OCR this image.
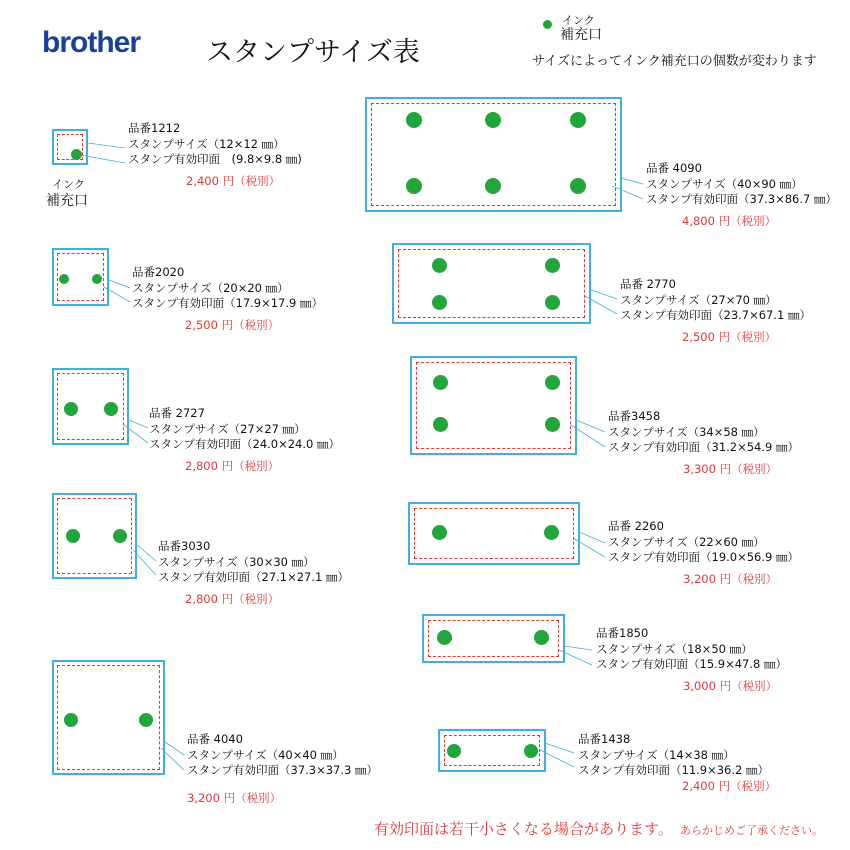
brother スタンプサイズ表
インク
補充口
サイズによってインク補充口の個数が変わります
インク
補充口
品番1212
スタンプサイズ（12×12 ㎜）
スタンプ有効印面　(9.8×9.8 ㎜)
2,400 円（税別）
品番2020
スタンプサイズ（20×20 ㎜）
スタンプ有効印面（17.9×17.9 ㎜）
2,500 円（税別）
品番 2727
スタンプサイズ（27×27 ㎜）
スタンプ有効印面（24.0×24.0 ㎜）
2,800 円（税別）
品番3030
スタンプサイズ（30×30 ㎜）
スタンプ有効印面（27.1×27.1 ㎜）
2,800 円（税別）
品番 4040
スタンプサイズ（40×40 ㎜）
スタンプ有効印面（37.3×37.3 ㎜）
3,200 円（税別）
品番 4090
スタンプサイズ（40×90 ㎜）
スタンプ有効印面（37.3×86.7 ㎜）
4,800 円（税別）
品番 2770
スタンプサイズ（27×70 ㎜）
スタンプ有効印面（23.7×67.1 ㎜）
2,500 円（税別）
品番3458
スタンプサイズ（34×58 ㎜）
スタンプ有効印面（31.2×54.9 ㎜）
3,300 円（税別）
品番 2260
スタンプサイズ（22×60 ㎜）
スタンプ有効印面（19.0×56.9 ㎜）
3,200 円（税別）
品番1850
スタンプサイズ（18×50 ㎜）
スタンプ有効印面（15.9×47.8 ㎜）
3,000 円（税別）
品番1438
スタンプサイズ（14×38 ㎜）
スタンプ有効印面（11.9×36.2 ㎜）
2,400 円（税別）
有効印面は若干小さくなる場合があります。 あらかじめご了承ください。
